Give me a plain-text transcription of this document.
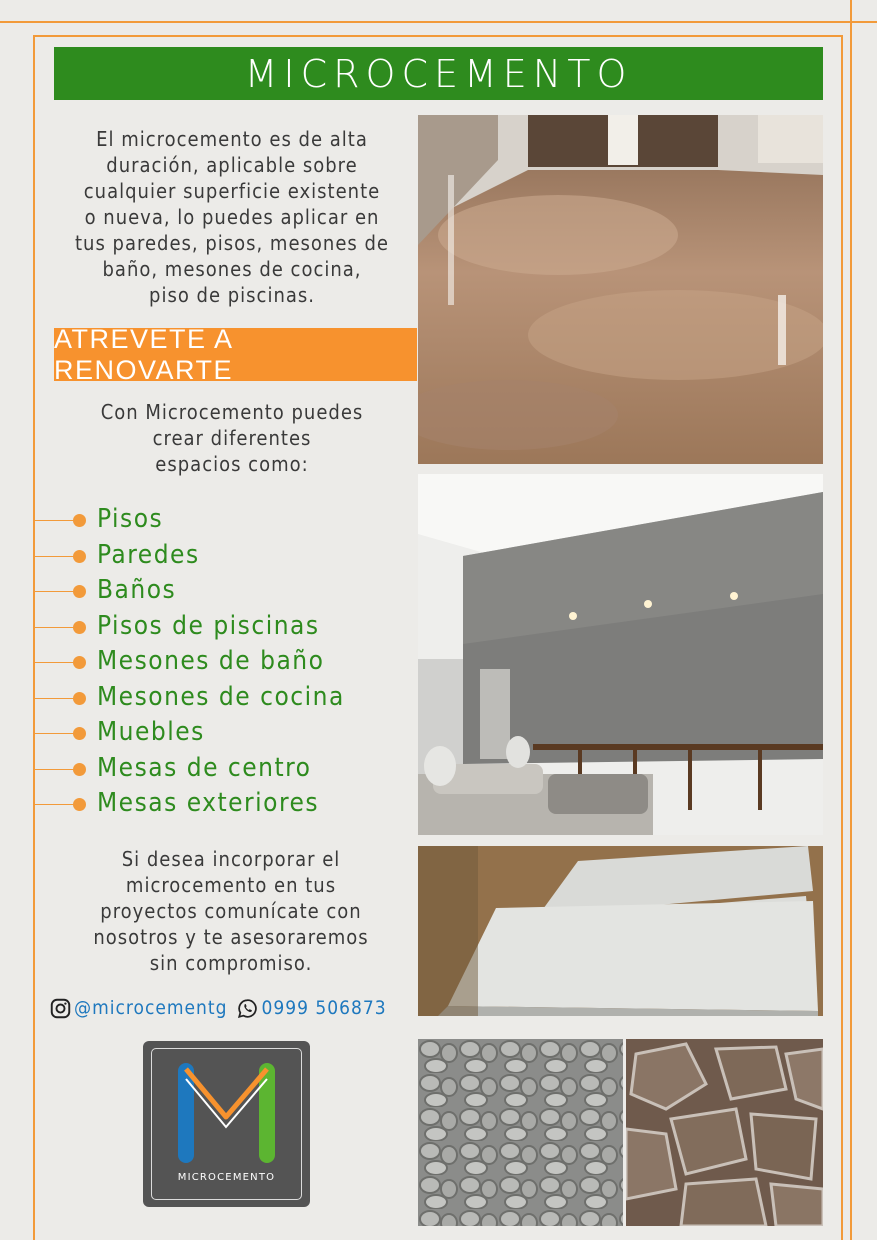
MICROCEMENTO
El microcemento es de alta
duración, aplicable sobre
cualquier superficie existente
o nueva, lo puedes aplicar en
tus paredes, pisos, mesones de
baño, mesones de cocina,
piso de piscinas.
ATREVETE A RENOVARTE
Con Microcemento puedes
crear diferentes
espacios como:
Pisos
Paredes
Baños
Pisos de piscinas
Mesones de baño
Mesones de cocina
Muebles
Mesas de centro
Mesas exteriores
Si desea incorporar el
microcemento en tus
proyectos comunícate con
nosotros y te asesoraremos
sin compromiso.
@microcementg 0999 506873
MICROCEMENTO
